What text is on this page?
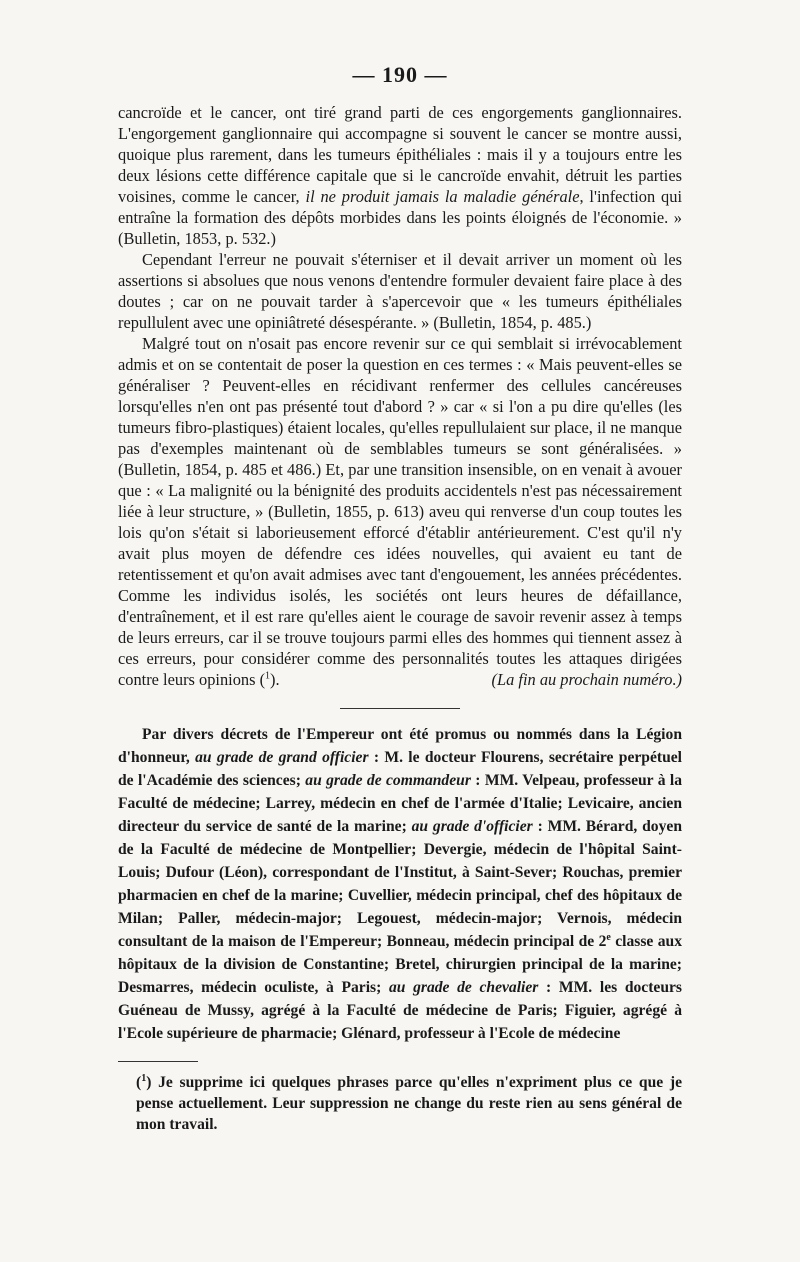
— 190 —

cancroïde et le cancer, ont tiré grand parti de ces engorgements ganglionnaires. L'engorgement ganglionnaire qui accompagne si souvent le cancer se montre aussi, quoique plus rarement, dans les tumeurs épithéliales : mais il y a toujours entre les deux lésions cette différence capitale que si le cancroïde envahit, détruit les parties voisines, comme le cancer, il ne produit jamais la maladie générale, l'infection qui entraîne la formation des dépôts morbides dans les points éloignés de l'économie. » (Bulletin, 1853, p. 532.)

Cependant l'erreur ne pouvait s'éterniser et il devait arriver un moment où les assertions si absolues que nous venons d'entendre formuler devaient faire place à des doutes ; car on ne pouvait tarder à s'apercevoir que « les tumeurs épithéliales repullulent avec une opiniâtreté désespérante. » (Bulletin, 1854, p. 485.)

Malgré tout on n'osait pas encore revenir sur ce qui semblait si irrévocablement admis et on se contentait de poser la question en ces termes : « Mais peuvent-elles se généraliser ? Peuvent-elles en récidivant renfermer des cellules cancéreuses lorsqu'elles n'en ont pas présenté tout d'abord ? » car « si l'on a pu dire qu'elles (les tumeurs fibro-plastiques) étaient locales, qu'elles repullulaient sur place, il ne manque pas d'exemples maintenant où de semblables tumeurs se sont généralisées. » (Bulletin, 1854, p. 485 et 486.) Et, par une transition insensible, on en venait à avouer que : « La malignité ou la bénignité des produits accidentels n'est pas nécessairement liée à leur structure, » (Bulletin, 1855, p. 613) aveu qui renverse d'un coup toutes les lois qu'on s'était si laborieusement efforcé d'établir antérieurement. C'est qu'il n'y avait plus moyen de défendre ces idées nouvelles, qui avaient eu tant de retentissement et qu'on avait admises avec tant d'engouement, les années précédentes. Comme les individus isolés, les sociétés ont leurs heures de défaillance, d'entraînement, et il est rare qu'elles aient le courage de savoir revenir assez à temps de leurs erreurs, car il se trouve toujours parmi elles des hommes qui tiennent assez à ces erreurs, pour considérer comme des personnalités toutes les attaques dirigées contre leurs opinions ($^1$).	(La fin au prochain numéro.)

Par divers décrets de l'Empereur ont été promus ou nommés dans la Légion d'honneur, au grade de grand officier : M. le docteur Flourens, secrétaire perpétuel de l'Académie des sciences; au grade de commandeur : MM. Velpeau, professeur à la Faculté de médecine; Larrey, médecin en chef de l'armée d'Italie; Levicaire, ancien directeur du service de santé de la marine; au grade d'officier : MM. Bérard, doyen de la Faculté de médecine de Montpellier; Devergie, médecin de l'hôpital Saint-Louis; Dufour (Léon), correspondant de l'Institut, à Saint-Sever; Rouchas, premier pharmacien en chef de la marine; Cuvellier, médecin principal, chef des hôpitaux de Milan; Paller, médecin-major; Legouest, médecin-major; Vernois, médecin consultant de la maison de l'Empereur; Bonneau, médecin principal de 2e classe aux hôpitaux de la division de Constantine; Bretel, chirurgien principal de la marine; Desmarres, médecin oculiste, à Paris; au grade de chevalier : MM. les docteurs Guéneau de Mussy, agrégé à la Faculté de médecine de Paris; Figuier, agrégé à l'Ecole supérieure de pharmacie; Glénard, professeur à l'Ecole de médecine

($^1$) Je supprime ici quelques phrases parce qu'elles n'expriment plus ce que je pense actuellement. Leur suppression ne change du reste rien au sens général de mon travail.
